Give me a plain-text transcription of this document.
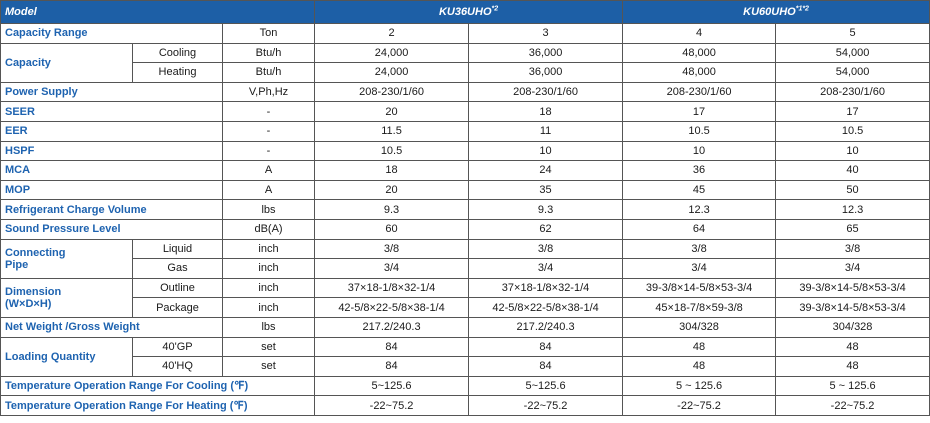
Model			KU36UHO$^{*2}$		$KU60UHO^{*1*2}$
Capacity Range		Ton	2	3	4	5
Capacity	Cooling	Btu/h	24,000	36,000	48,000	54,000
	Heating	Btu/h	24,000	36,000	48,000	54,000
Power Supply		V,Ph,Hz	208-230/1/60	208-230/1/60	208-230/1/60	208-230/1/60
SEER		-	20	18	17	17
EER		-	11.5	11	10.5	10.5
HSPF		-	10.5	10	10	10
MCA		A	18	24	36	40
MOP		A	20	35	45	50
Refrigerant Charge Volume		lbs	9.3	9.3	12.3	12.3
Sound Pressure Level		dB(A)	60	62	64	65
Connecting
Pipe	Liquid	inch	3/8	3/8	3/8	3/8
	Gas	inch	3/4	3/4	3/4	3/4
Dimension
(W×D×H)	Outline	inch	37×18-1/8×32-1/4	37×18-1/8×32-1/4	39-3/8×14-5/8×53-3/4	39-3/8×14-5/8×53-3/4
	Package	inch	42-5/8×22-5/8×38-1/4	42-5/8×22-5/8×38-1/4	45×18-7/8×59-3/8	39-3/8×14-5/8×53-3/4
Net Weight /Gross Weight		lbs	217.2/240.3	217.2/240.3	304/328	304/328
Loading Quantity	40'GP	set	84	84	48	48
	40'HQ	set	84	84	48	48
Temperature Operation Range For Cooling (℉)			5~125.6	5~125.6	5 ~ 125.6	5 ~ 125.6
Temperature Operation Range For Heating (℉)			-22~75.2	-22~75.2	-22~75.2	-22~75.2
